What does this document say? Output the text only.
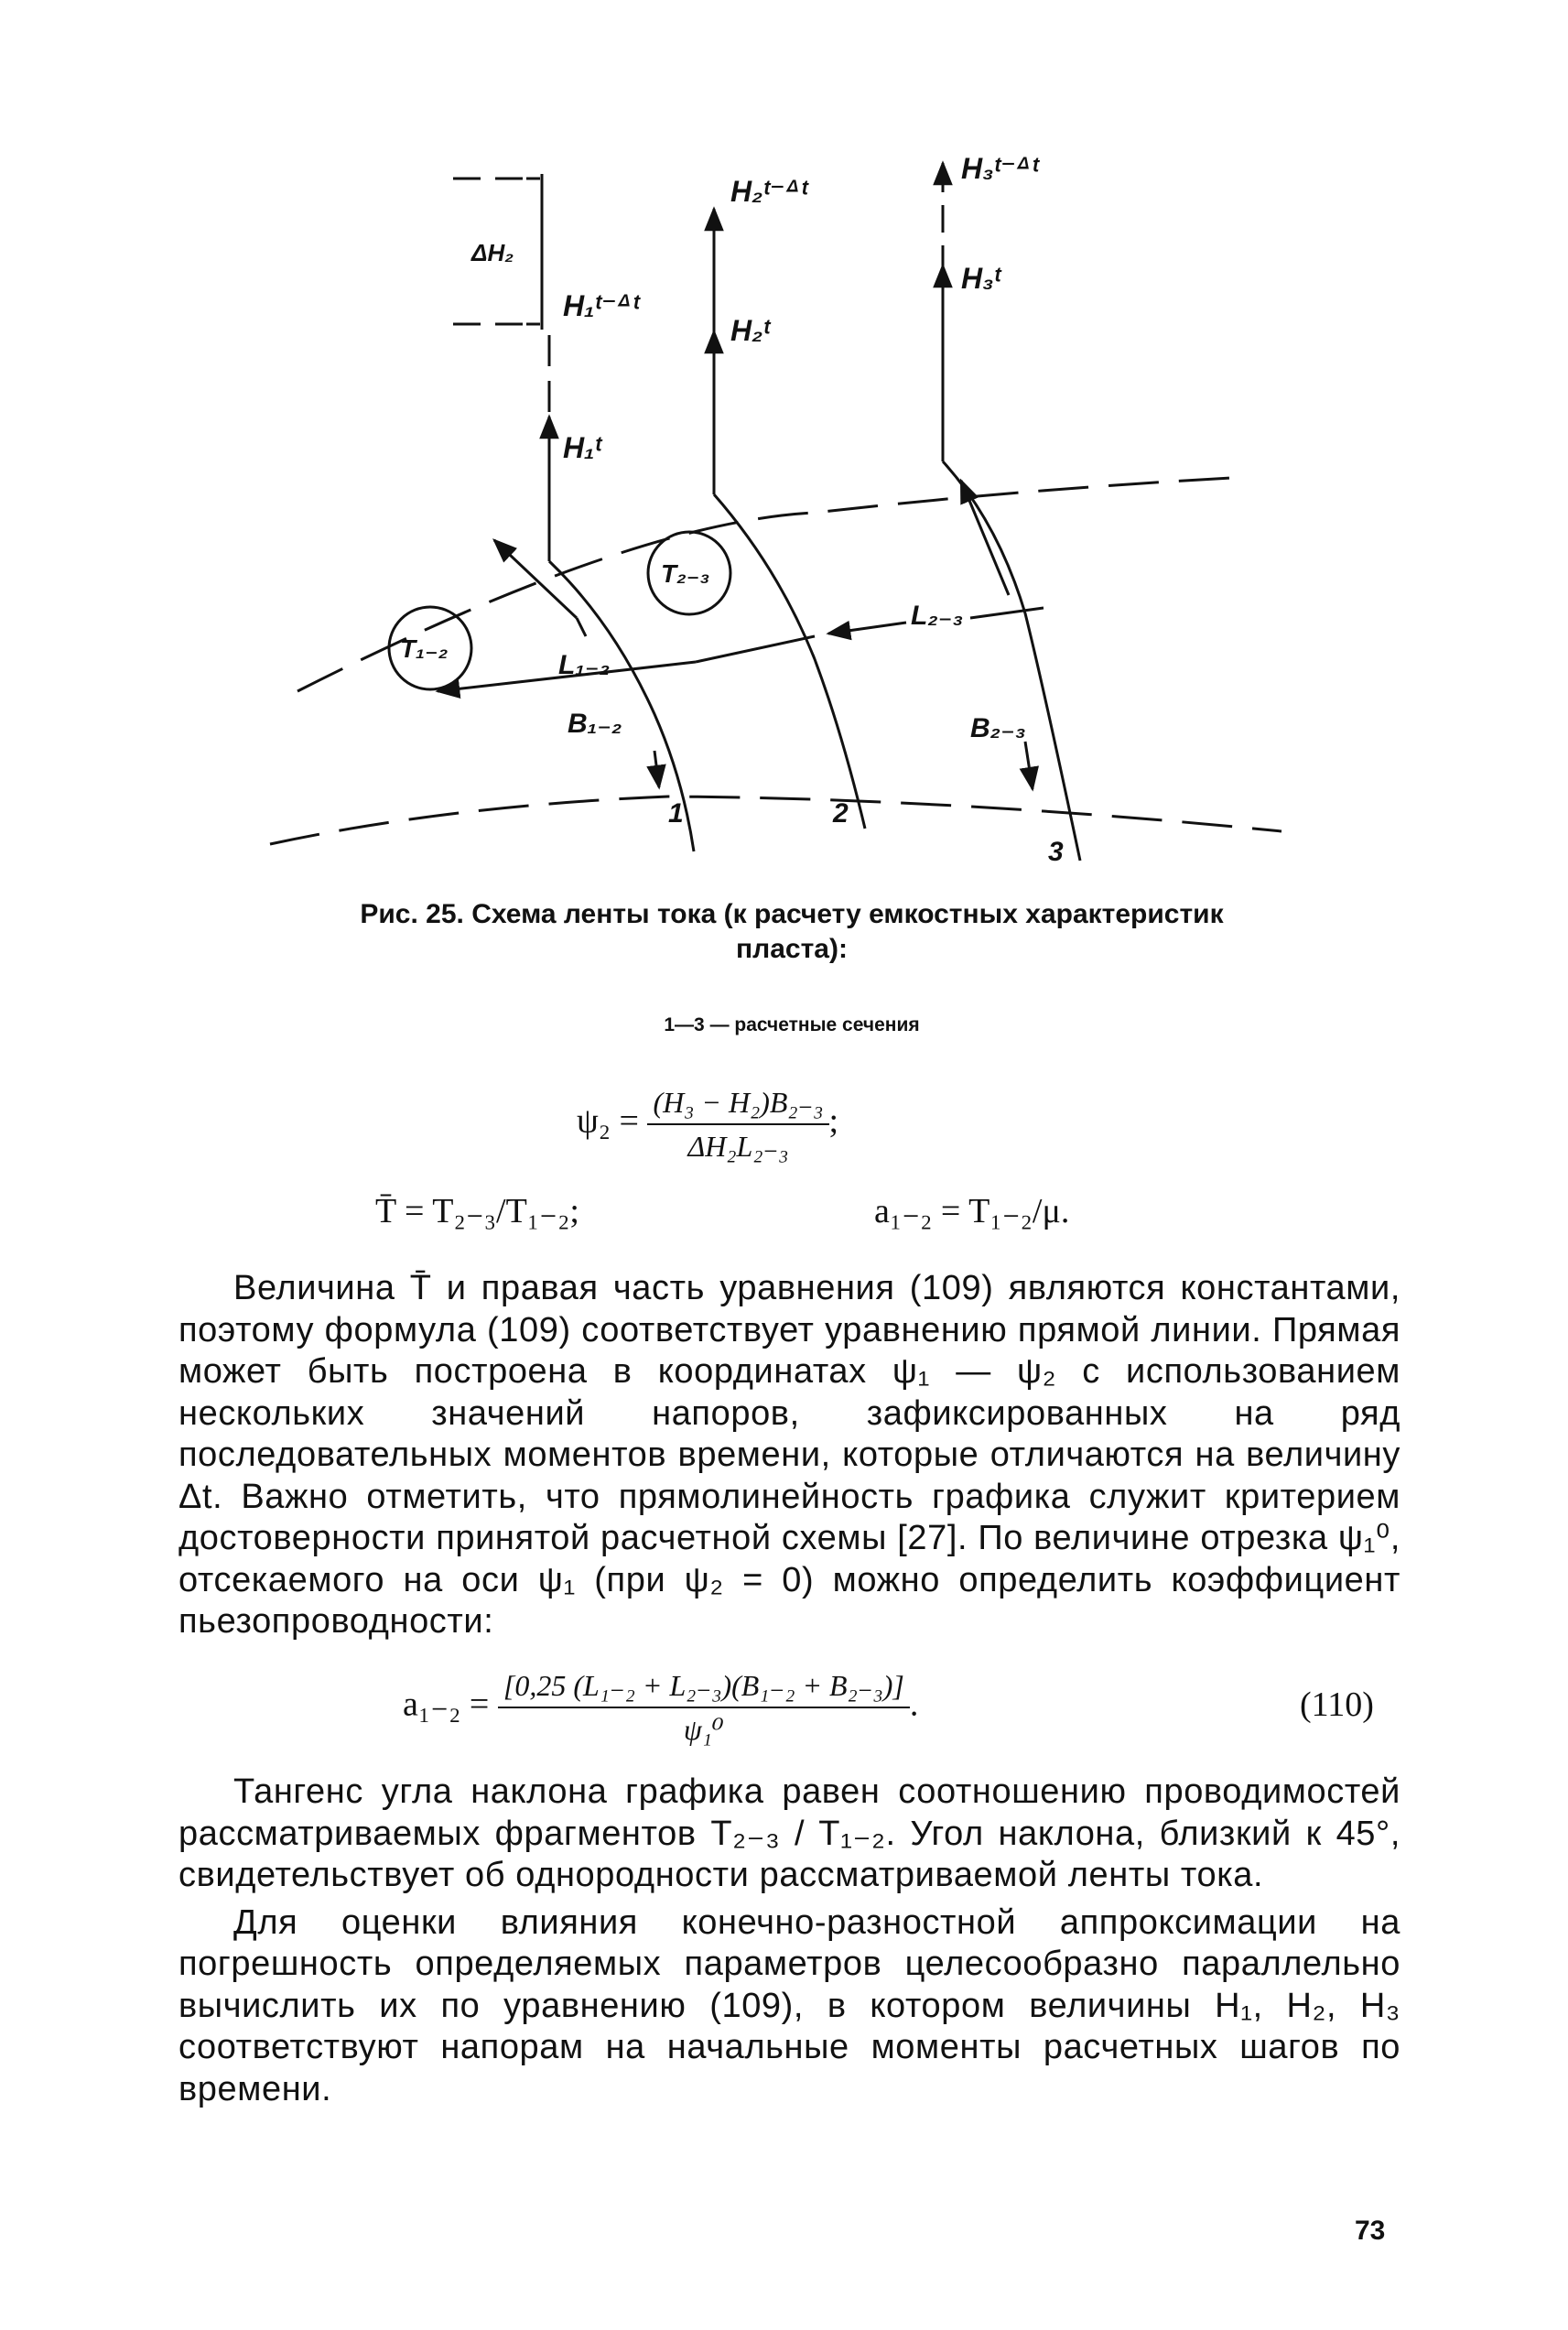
H₂ᵗ⁻ᐞᵗ
ΔH₂
H₂ᵗ
H₁ᵗ⁻ᐞᵗ
H₁ᵗ
H₃ᵗ⁻ᐞᵗ
H₃ᵗ
T₁₋₂
T₂₋₃
L₁₋₂
L₂₋₃
B₁₋₂	B₂₋₃
1	2
3
Рис. 25. Схема ленты тока (к расчету емкостных характеристик
пласта):
1—3 — расчетные сечения
$\psi_2 = \frac{\text{(H₃ − H₂)B₂₋₃}}{\text{ΔH₂L₂₋₃}}$ ;
T̄ = T₂₋₃/T₁₋₂;	a₁₋₂ = T₁₋₂/μ.

Величина T̄ и правая часть уравнения (109) являются константами, поэтому формула (109) соответствует уравнению прямой линии. Прямая может быть построена в координатах ψ₁ — ψ₂ с использованием нескольких значений напоров, зафиксированных на ряд последовательных моментов времени, которые отличаются на величину Δt. Важно отметить, что прямолинейность графика служит критерием достоверности принятой расчетной схемы [27]. По величине отрезка ψ₁⁰, отсекаемого на оси ψ₁ (при ψ₂ = 0) можно определить коэффициент пьезопроводности:

$a_{1-2} = \frac{\text{[0,25 (L₁₋₂ + L₂₋₃)(B₁₋₂ + B₂₋₃)]}}{\text{ψ₁⁰}}$ .	(110)

Тангенс угла наклона графика равен соотношению проводимостей рассматриваемых фрагментов T₂₋₃ / T₁₋₂. Угол наклона, близкий к 45°, свидетельствует об однородности рассматриваемой ленты тока.

Для оценки влияния конечно-разностной аппроксимации на погрешность определяемых параметров целесообразно параллельно вычислить их по уравнению (109), в котором величины H₁, H₂, H₃ соответствуют напорам на начальные моменты расчетных шагов по времени.

73
